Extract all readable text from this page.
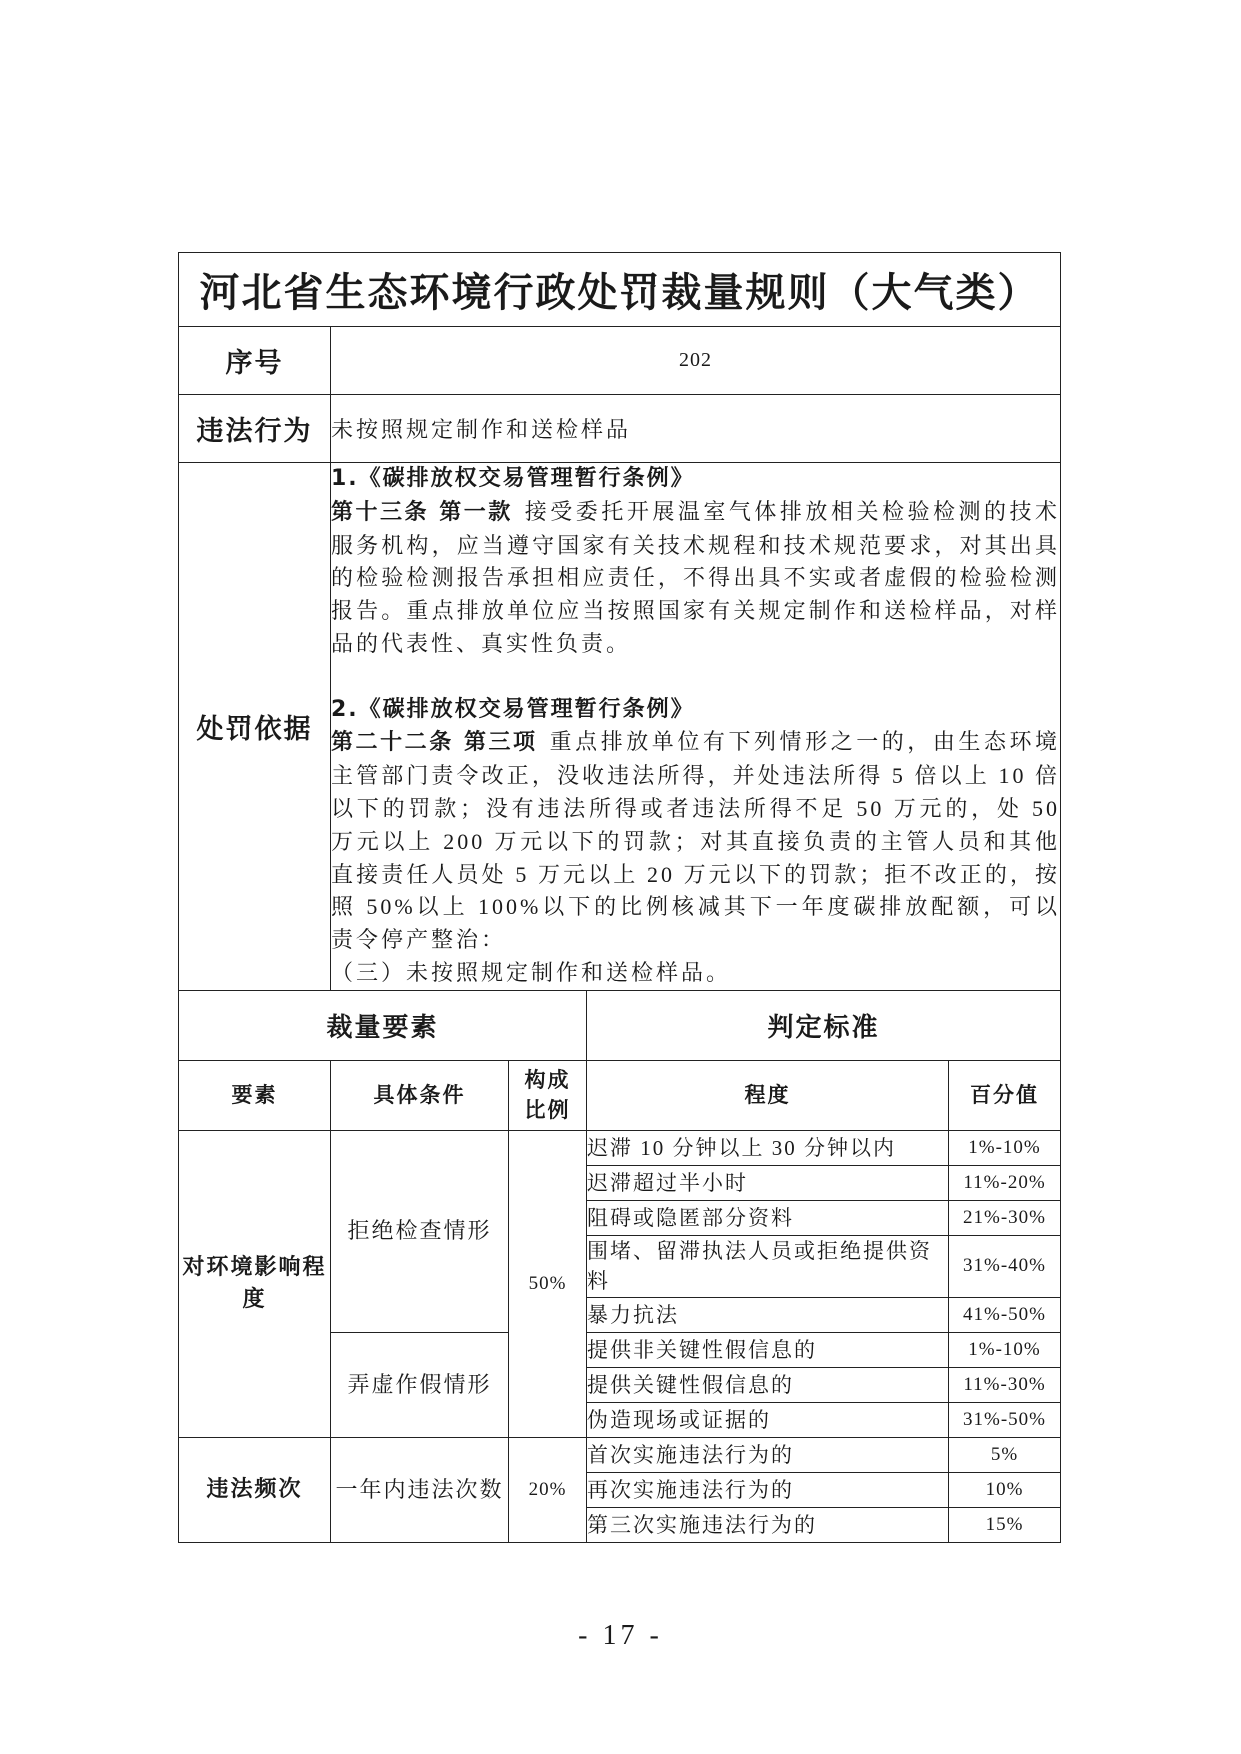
河北省生态环境行政处罚裁量规则（大气类）				
序号	202			
违法行为	未按照规定制作和送检样品			
处罚依据	1.《碳排放权交易管理暂行条例》
第十三条 第一款 接受委托开展温室气体排放相关检验检测的技术服务机构，应当遵守国家有关技术规程和技术规范要求，对其出具的检验检测报告承担相应责任，不得出具不实或者虚假的检验检测报告。重点排放单位应当按照国家有关规定制作和送检样品，对样品的代表性、真实性负责。
2.《碳排放权交易管理暂行条例》
第二十二条 第三项 重点排放单位有下列情形之一的，由生态环境主管部门责令改正，没收违法所得，并处违法所得 5 倍以上 10 倍以下的罚款；没有违法所得或者违法所得不足 50 万元的，处 50 万元以上 200 万元以下的罚款；对其直接负责的主管人员和其他直接责任人员处 5 万元以上 20 万元以下的罚款；拒不改正的，按照 50%以上 100%以下的比例核减其下一年度碳排放配额，可以责令停产整治：
（三）未按照规定制作和送检样品。			

裁量要素			判定标准	
要素	具体条件	构成比例	程度	百分值
对环境影响程度	拒绝检查情形	50%	迟滞 10 分钟以上 30 分钟以内	1%-10%
			迟滞超过半小时	11%-20%
			阻碍或隐匿部分资料	21%-30%
			围堵、留滞执法人员或拒绝提供资料	31%-40%
			暴力抗法	41%-50%
	弄虚作假情形		提供非关键性假信息的	1%-10%
			提供关键性假信息的	11%-30%
			伪造现场或证据的	31%-50%
违法频次	一年内违法次数	20%	首次实施违法行为的	5%
			再次实施违法行为的	10%
			第三次实施违法行为的	15%
- 17 -
